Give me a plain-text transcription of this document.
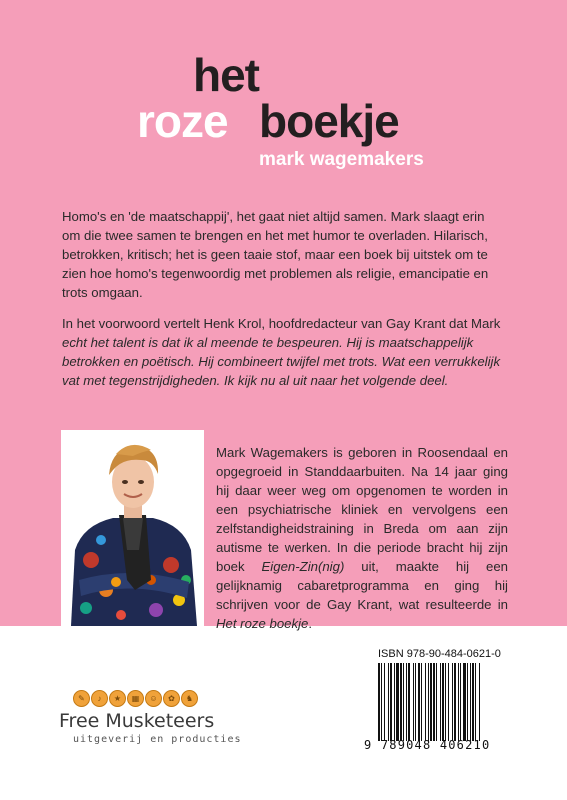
het
roze boekje
mark wagemakers

Homo's en 'de maatschappij', het gaat niet altijd samen. Mark slaagt erin om die twee samen te brengen en het met humor te overladen. Hilarisch, betrokken, kritisch; het is geen taaie stof, maar een boek bij uitstek om te zien hoe homo's tegenwoordig met problemen als religie, emancipatie en trots omgaan.

In het voorwoord vertelt Henk Krol, hoofdredacteur van Gay Krant dat Mark echt het talent is dat ik al meende te bespeuren. Hij is maatschappelijk betrokken en poëtisch. Hij combineert twijfel met trots. Wat een verrukkelijk vat met tegenstrijdigheden. Ik kijk nu al uit naar het volgende deel.

Mark Wagemakers is geboren in Roosendaal en opgegroeid in Standdaarbuiten. Na 14 jaar ging hij daar weer weg om opgenomen te worden in een psychiatrische kliniek en vervolgens een zelfstandigheidstraining in Breda om aan zijn autisme te werken. In die periode bracht hij zijn boek Eigen-Zin(nig) uit, maakte hij een gelijknamig cabaretprogramma en ging hij schrijven voor de Gay Krant, wat resulteerde in Het roze boekje.

✎	♪	★	▦	☺	✿	♞
Free Musketeers
uitgeverij en producties
ISBN 978-90-484-0621-0
9 789048 406210
